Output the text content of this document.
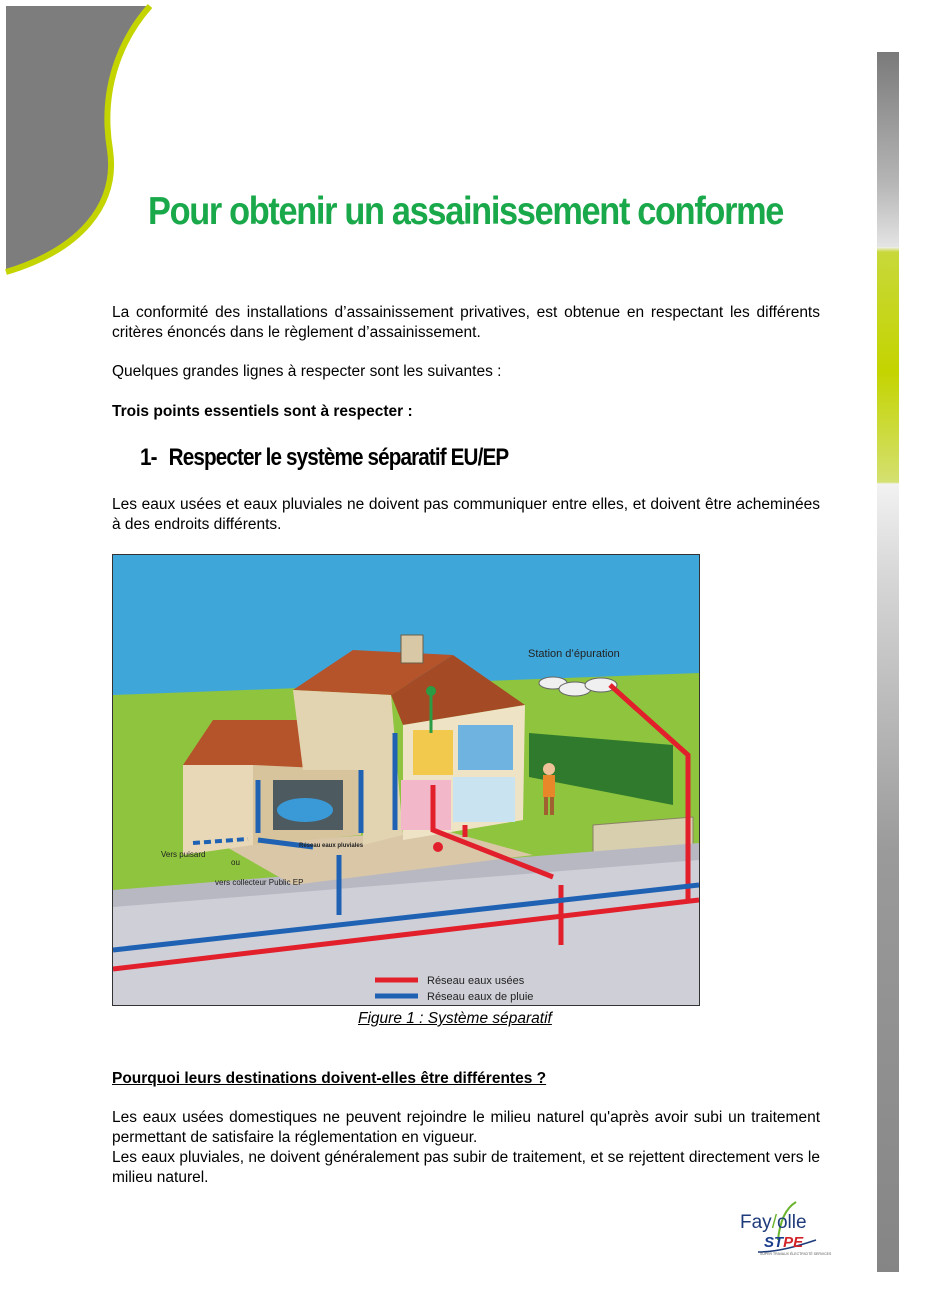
Pour obtenir un assainissement conforme

La conformité des installations d’assainissement privatives, est obtenue en respectant les différents critères énoncés dans le règlement d’assainissement.

Quelques grandes lignes à respecter sont les suivantes :

Trois points essentiels sont à respecter :

1- Respecter le système séparatif EU/EP

Les eaux usées et eaux pluviales ne doivent pas communiquer entre elles, et doivent être acheminées à des endroits différents.

Station d’épuration
Vers puisard
ou
vers collecteur Public EP
Réseau eaux pluviales
Réseau eaux usées
Réseau eaux de pluie
Figure 1 : Système séparatif
Pourquoi leurs destinations doivent-elles être différentes ?

Les eaux usées domestiques ne peuvent rejoindre le milieu naturel qu'après avoir subi un traitement permettant de satisfaire la réglementation en vigueur.

Les eaux pluviales, ne doivent généralement pas subir de traitement, et se rejettent directement vers le milieu naturel.

Fay/olle
STPE
SUPER TRAVAUX ÉLECTRICITÉ SERVICES
